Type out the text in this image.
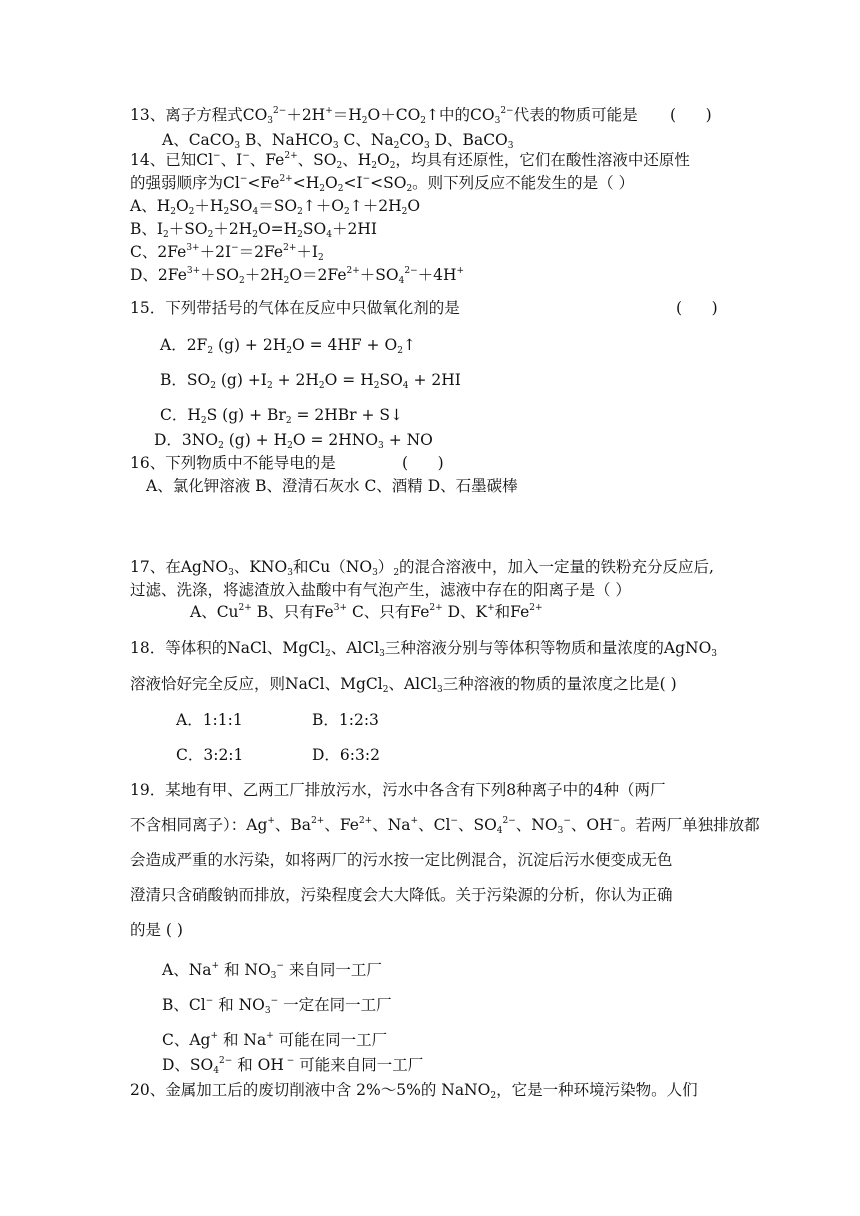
13、离子方程式$CO_3^{2-}+2H^+=H_2O+CO_2↑$中的$CO_3^{2-}$代表的物质可能是 (      )
A、CaCO$_3$ B、NaHCO$_3$ C、$Na_2CO_3$ D、BaCO$_3$
14、已知Cl−、I−、$Fe^{2+}$、$SO_2$、$H_2O_2$，均具有还原性，它们在酸性溶液中还原性
的强弱顺序为$Cl^-<Fe^{2+}<H_2O_2<I^-<SO_2$。则下列反应不能发生的是（ ）
A、$H_2O_2+H_2SO_4=SO_2↑+O_2↑+2H_2O$
B、$I_2+SO_2+2H_2O=H_2SO_4+2HI$
C、$2Fe^{3+}+2I^-=2Fe^{2+}+I_2$
D、$2Fe^{3+}+SO_2+2H_2O=2Fe^{2+}+SO_4^{2-}+4H^+$
15．下列带括号的气体在反应中只做氧化剂的是	(      )
A．$2F_2$ $(g) + 2H_2O = 4HF$ + $O_2↑$
B．$SO_2$ $(g) +I_2 + 2H_2O = H_2SO_4 + 2HI$
C．$H_2S$ $(g) + Br_2 = 2HBr$ + S↓
D．$3NO_2$ $(g) + H_2O = 2HNO_3$ + NO
16、下列物质中不能导电的是	(      )
A、氯化钾溶液 B、澄清石灰水 C、酒精 D、石墨碳棒
17、在AgNO$_3$、$KNO_3$和$Cu(NO_3)_2$的混合溶液中，加入一定量的铁粉充分反应后,
过滤、洗涤，将滤渣放入盐酸中有气泡产生，滤液中存在的阳离子是（ ）
A、$Cu^{2+}$ B、只有$Fe^{3+}$ C、只有$Fe^{2+}$ D、K+和$Fe^{2+}$
18．等体积的NaCl、MgCl$_2$、AlCl$_3$三种溶液分别与等体积等物质和量浓度的AgNO$_3$
溶液恰好完全反应，则NaCl、MgCl$_2$、AlCl$_3$三种溶液的物质的量浓度之比是( )
A．1:1:1	B．1:2:3
C．3:2:1	D．6:3:2
19．某地有甲、乙两工厂排放污水，污水中各含有下列8种离子中的4种（两厂
不含相同离子）：Ag+、$Ba^{2+}$、$Fe^{2+}$、Na+、Cl−、$SO_4^{2-}$、$NO_3^-$、OH−。若两厂单独排放都
会造成严重的水污染，如将两厂的污水按一定比例混合，沉淀后污水便变成无色
澄清只含硝酸钠而排放，污染程度会大大降低。关于污染源的分析，你认为正确
的是 ( )
A、Na+ 和 $NO_3^-$ 来自同一工厂
B、Cl− 和 $NO_3^-$ 一定在同一工厂
C、Ag+ 和 Na+ 可能在同一工厂
D、$SO_4^{2-}$ 和 OH − 可能来自同一工厂
20、金属加工后的废切削液中含 2%～5%的 NaNO$_2$，它是一种环境污染物。人们
